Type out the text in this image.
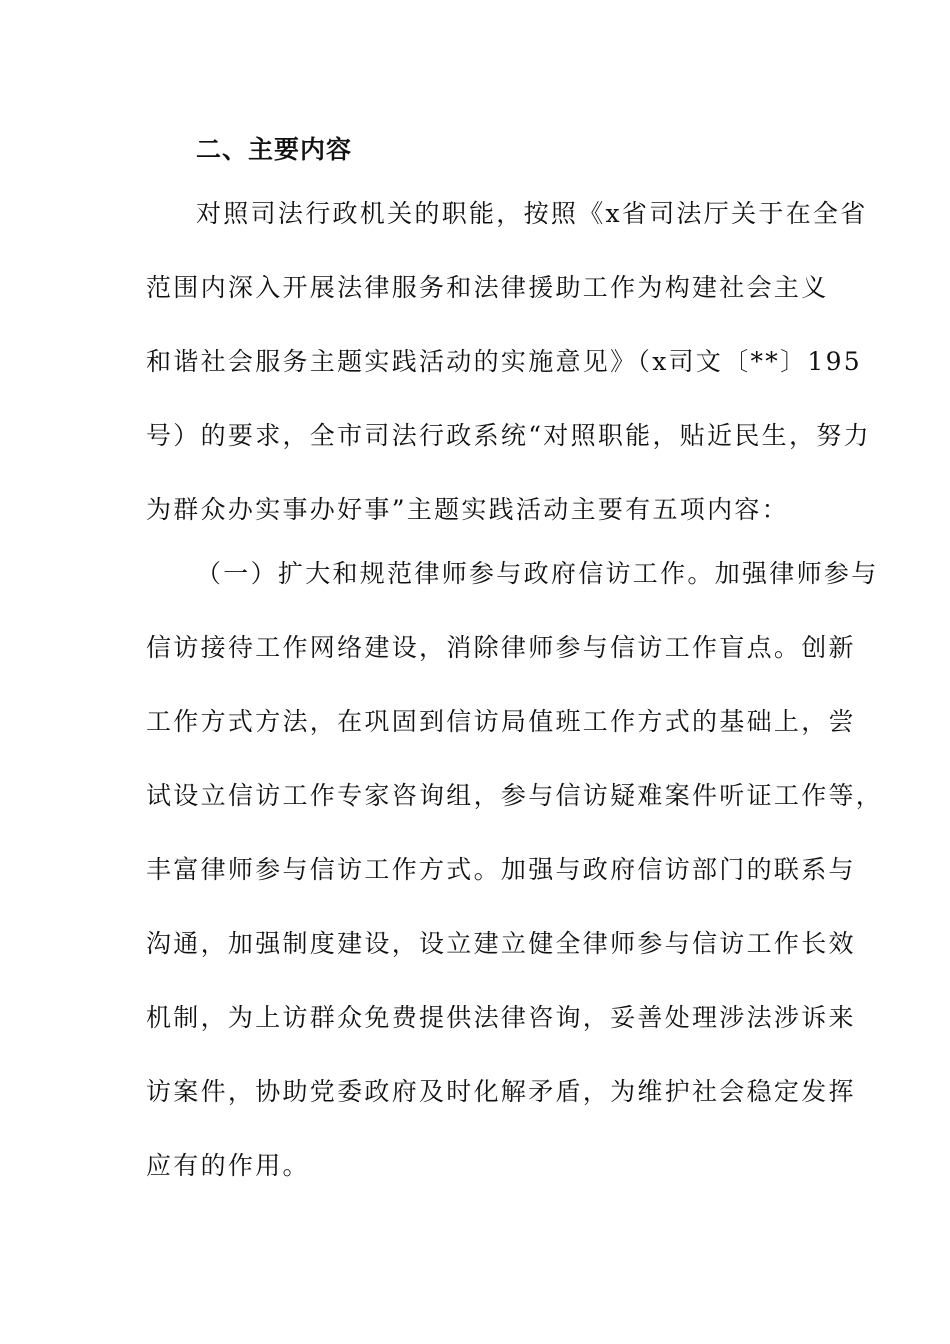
二、主要内容
对照司法行政机关的职能，按照《x省司法厅关于在全省
范围内深入开展法律服务和法律援助工作为构建社会主义
和谐社会服务主题实践活动的实施意见》（x司文〔**〕195
号）的要求，全市司法行政系统“对照职能，贴近民生，努力
为群众办实事办好事”主题实践活动主要有五项内容：
（一）扩大和规范律师参与政府信访工作。加强律师参与
信访接待工作网络建设，消除律师参与信访工作盲点。创新
工作方式方法，在巩固到信访局值班工作方式的基础上，尝
试设立信访工作专家咨询组，参与信访疑难案件听证工作等，
丰富律师参与信访工作方式。加强与政府信访部门的联系与
沟通，加强制度建设，设立建立健全律师参与信访工作长效
机制，为上访群众免费提供法律咨询，妥善处理涉法涉诉来
访案件，协助党委政府及时化解矛盾，为维护社会稳定发挥
应有的作用。
